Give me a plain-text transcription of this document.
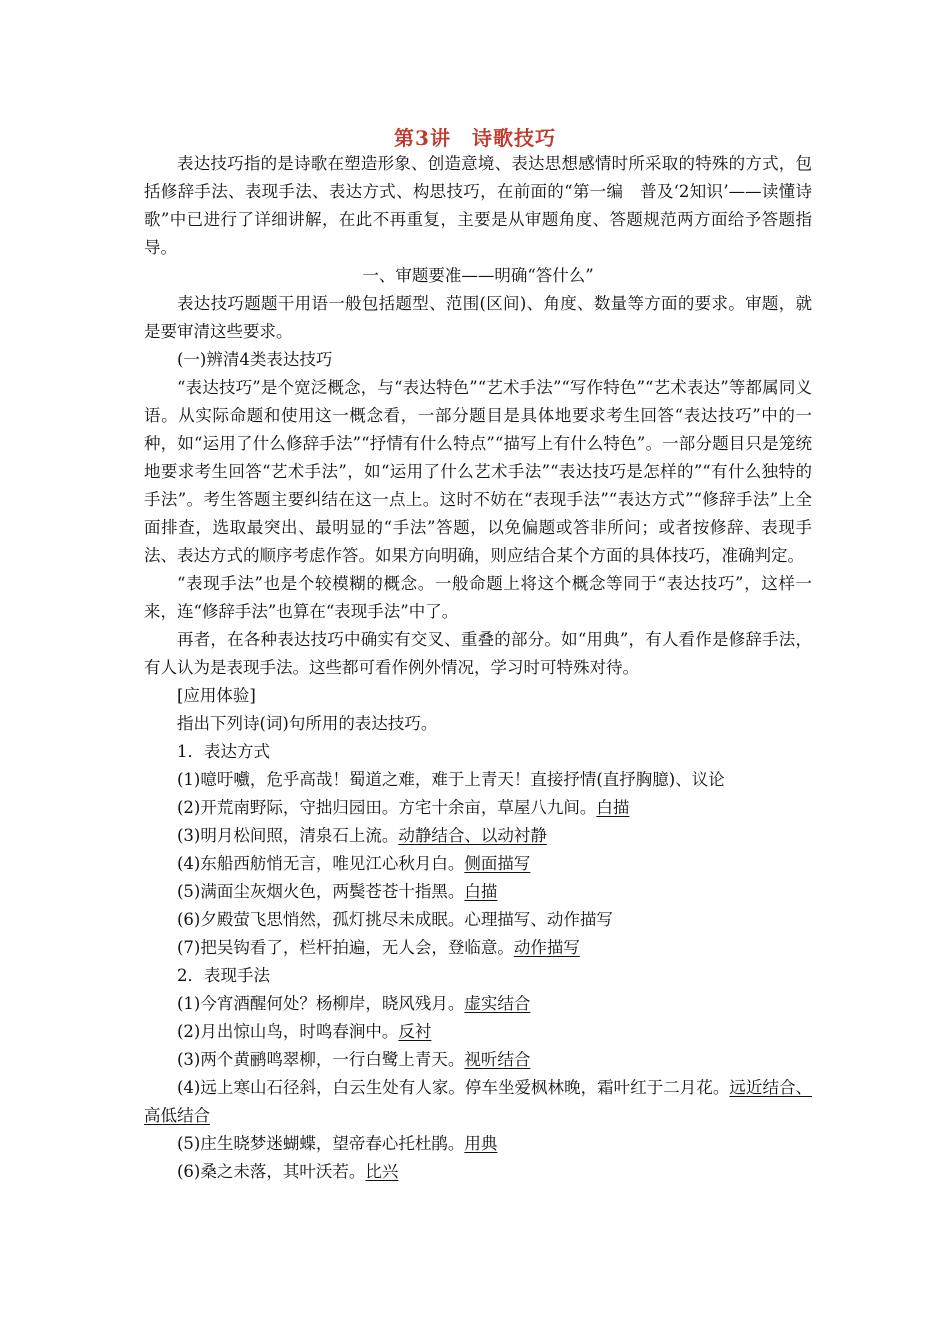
第3讲　诗歌技巧

表达技巧指的是诗歌在塑造形象、创造意境、表达思想感情时所采取的特殊的方式，包括修辞手法、表现手法、表达方式、构思技巧，在前面的“第一编　普及‘2知识’——读懂诗歌”中已进行了详细讲解，在此不再重复，主要是从审题角度、答题规范两方面给予答题指导。

一、审题要准——明确“答什么”

表达技巧题题干用语一般包括题型、范围(区间)、角度、数量等方面的要求。审题，就是要审清这些要求。

(一)辨清4类表达技巧

“表达技巧”是个宽泛概念，与“表达特色”“艺术手法”“写作特色”“艺术表达”等都属同义语。从实际命题和使用这一概念看，一部分题目是具体地要求考生回答“表达技巧”中的一种，如“运用了什么修辞手法”“抒情有什么特点”“描写上有什么特色”。一部分题目只是笼统地要求考生回答“艺术手法”，如“运用了什么艺术手法”“表达技巧是怎样的”“有什么独特的手法”。考生答题主要纠结在这一点上。这时不妨在“表现手法”“表达方式”“修辞手法”上全面排查，选取最突出、最明显的“手法”答题，以免偏题或答非所问；或者按修辞、表现手法、表达方式的顺序考虑作答。如果方向明确，则应结合某个方面的具体技巧，准确判定。

“表现手法”也是个较模糊的概念。一般命题上将这个概念等同于“表达技巧”，这样一来，连“修辞手法”也算在“表现手法”中了。

再者，在各种表达技巧中确实有交叉、重叠的部分。如“用典”，有人看作是修辞手法，有人认为是表现手法。这些都可看作例外情况，学习时可特殊对待。

[应用体验]

指出下列诗(词)句所用的表达技巧。

1．表达方式

(1)噫吁嚱，危乎高哉！蜀道之难，难于上青天！直接抒情(直抒胸臆)、议论

(2)开荒南野际，守拙归园田。方宅十余亩，草屋八九间。白描

(3)明月松间照，清泉石上流。动静结合、以动衬静

(4)东船西舫悄无言，唯见江心秋月白。侧面描写

(5)满面尘灰烟火色，两鬓苍苍十指黑。白描

(6)夕殿萤飞思悄然，孤灯挑尽未成眠。心理描写、动作描写

(7)把吴钩看了，栏杆拍遍，无人会，登临意。动作描写

2．表现手法

(1)今宵酒醒何处？杨柳岸，晓风残月。虚实结合

(2)月出惊山鸟，时鸣春涧中。反衬

(3)两个黄鹂鸣翠柳，一行白鹭上青天。视听结合

(4)远上寒山石径斜，白云生处有人家。停车坐爱枫林晚，霜叶红于二月花。远近结合、高低结合

(5)庄生晓梦迷蝴蝶，望帝春心托杜鹃。用典

(6)桑之未落，其叶沃若。比兴
